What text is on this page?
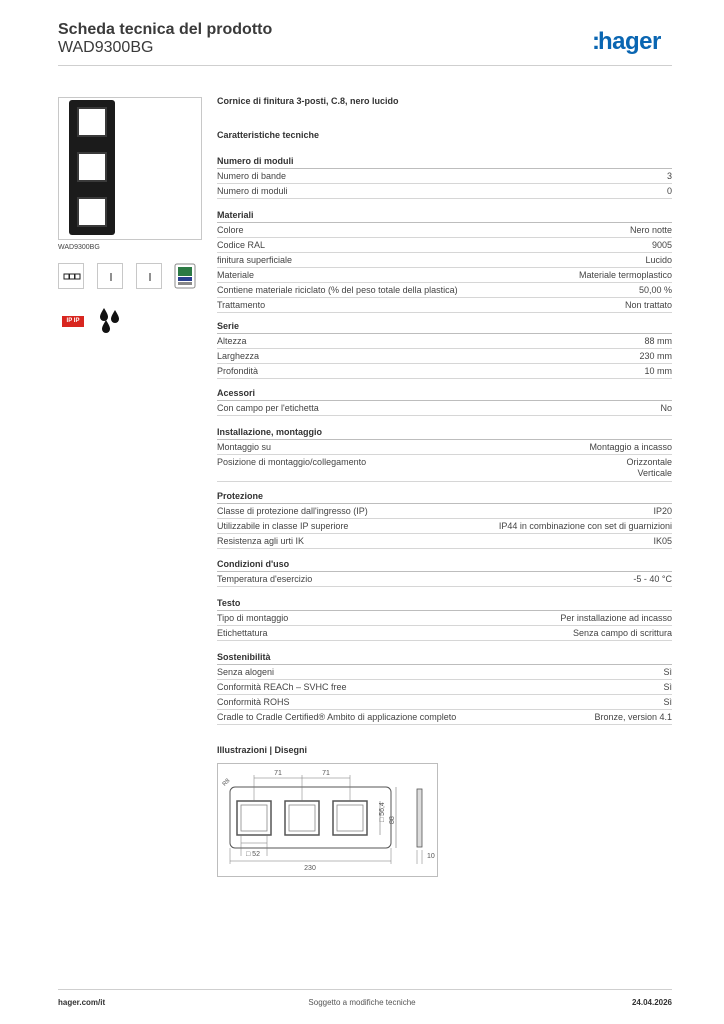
Scheda tecnica del prodotto
WAD9300BG	:hager
WAD9300BG
IP IP
Cornice di finitura 3-posti, C.8, nero lucido
Caratteristiche tecniche
Numero di moduli
Numero di bande	3
Numero di moduli	0
Materiali
Colore	Nero notte
Codice RAL	9005
finitura superficiale	Lucido
Materiale	Materiale termoplastico
Contiene materiale riciclato (% del peso totale della plastica)	50,00 %
Trattamento	Non trattato
Serie
Altezza	88 mm
Larghezza	230 mm
Profondità	10 mm
Acessori
Con campo per l'etichetta	No
Installazione, montaggio
Montaggio su	Montaggio a incasso
Posizione di montaggio/collegamento	Orizzontale
Verticale
Protezione
Classe di protezione dall'ingresso (IP)	IP20
Utilizzabile in classe IP superiore	IP44 in combinazione con set di guarnizioni
Resistenza agli urti IK	IK05
Condizioni d'uso
Temperatura d'esercizio	-5 - 40 °C
Testo
Tipo di montaggio	Per installazione ad incasso
Etichettatura	Senza campo di scrittura
Sostenibilità
Senza alogeni	Sì
Conformità REACh – SVHC free	Sì
Conformità ROHS	Sì
Cradle to Cradle Certified® Ambito di applicazione completo	Bronze, version 4.1
Illustrazioni | Disegni
71	71
R8
□ 56,4 88
□ 52
230
10
hager.com/it	Soggetto a modifiche tecniche	24.04.2026
